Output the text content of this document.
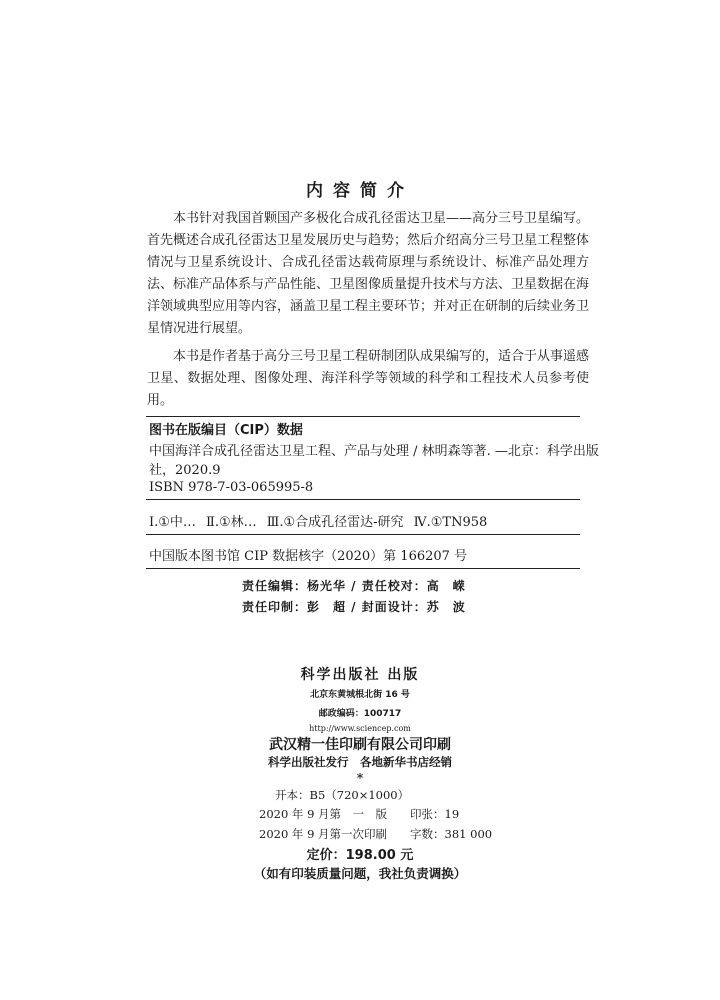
内容简介

本书针对我国首颗国产多极化合成孔径雷达卫星——高分三号卫星编写。首先概述合成孔径雷达卫星发展历史与趋势；然后介绍高分三号卫星工程整体情况与卫星系统设计、合成孔径雷达载荷原理与系统设计、标准产品处理方法、标准产品体系与产品性能、卫星图像质量提升技术与方法、卫星数据在海洋领域典型应用等内容，涵盖卫星工程主要环节；并对正在研制的后续业务卫星情况进行展望。

本书是作者基于高分三号卫星工程研制团队成果编写的，适合于从事遥感卫星、数据处理、图像处理、海洋科学等领域的科学和工程技术人员参考使用。

图书在版编目（CIP）数据
中国海洋合成孔径雷达卫星工程、产品与处理 / 林明森等著. —北京：科学出版
社，2020.9
ISBN 978-7-03-065995-8
Ⅰ.①中… Ⅱ.①林… Ⅲ.①合成孔径雷达-研究 Ⅳ.①TN958
中国版本图书馆 CIP 数据核字（2020）第 166207 号
责任编辑：杨光华 / 责任校对：高　嵘
责任印制：彭　超 / 封面设计：苏　波
科学出版社 出版
北京东黄城根北街 16 号
邮政编码：100717
http://www.sciencep.com
武汉精一佳印刷有限公司印刷
科学出版社发行　各地新华书店经销
*
开本：B5（720×1000）
2020 年 9 月第　一　版　　印张：19
2020 年 9 月第一次印刷　　字数：381 000
定价：198.00 元
（如有印装质量问题，我社负责调换）
